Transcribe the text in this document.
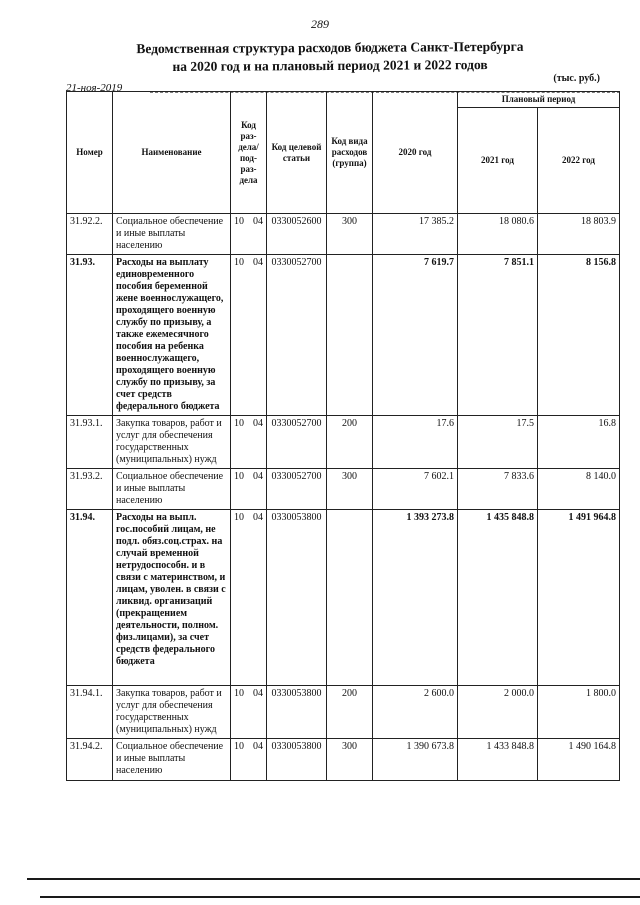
289
Ведомственная структура расходов бюджета Санкт-Петербурга
на 2020 год и на плановый период 2021 и 2022 годов
21-ноя-2019
(тыс. руб.)
Номер	Наименование	Код раз- дела/ под- раз- дела	Код целевой статьи	Код вида расходов (группа)	2020 год	Плановый период	
						2021 год	2022 год
31.92.2.	Социальное обеспечение и иные выплаты населению	10 04	0330052600	300	17 385.2	18 080.6	18 803.9
31.93.	Расходы на выплату единовременного пособия беременной жене военнослужащего, проходящего военную службу по призыву, а также ежемесячного пособия на ребенка военнослужащего, проходящего военную службу по призыву, за счет средств федерального бюджета	10 04	0330052700		7 619.7	7 851.1	8 156.8
31.93.1.	Закупка товаров, работ и услуг для обеспечения государственных (муниципальных) нужд	10 04	0330052700	200	17.6	17.5	16.8
31.93.2.	Социальное обеспечение и иные выплаты населению	10 04	0330052700	300	7 602.1	7 833.6	8 140.0
31.94.	Расходы на выпл. гос.пособий лицам, не подл. обяз.соц.страх. на случай временной нетрудоспособн. и в связи с материнством, и лицам, уволен. в связи с ликвид. организаций (прекращением деятельности, полном. физ.лицами), за счет средств федерального бюджета	10 04	0330053800		1 393 273.8	1 435 848.8	1 491 964.8
31.94.1.	Закупка товаров, работ и услуг для обеспечения государственных (муниципальных) нужд	10 04	0330053800	200	2 600.0	2 000.0	1 800.0
31.94.2.	Социальное обеспечение и иные выплаты населению	10 04	0330053800	300	1 390 673.8	1 433 848.8	1 490 164.8
